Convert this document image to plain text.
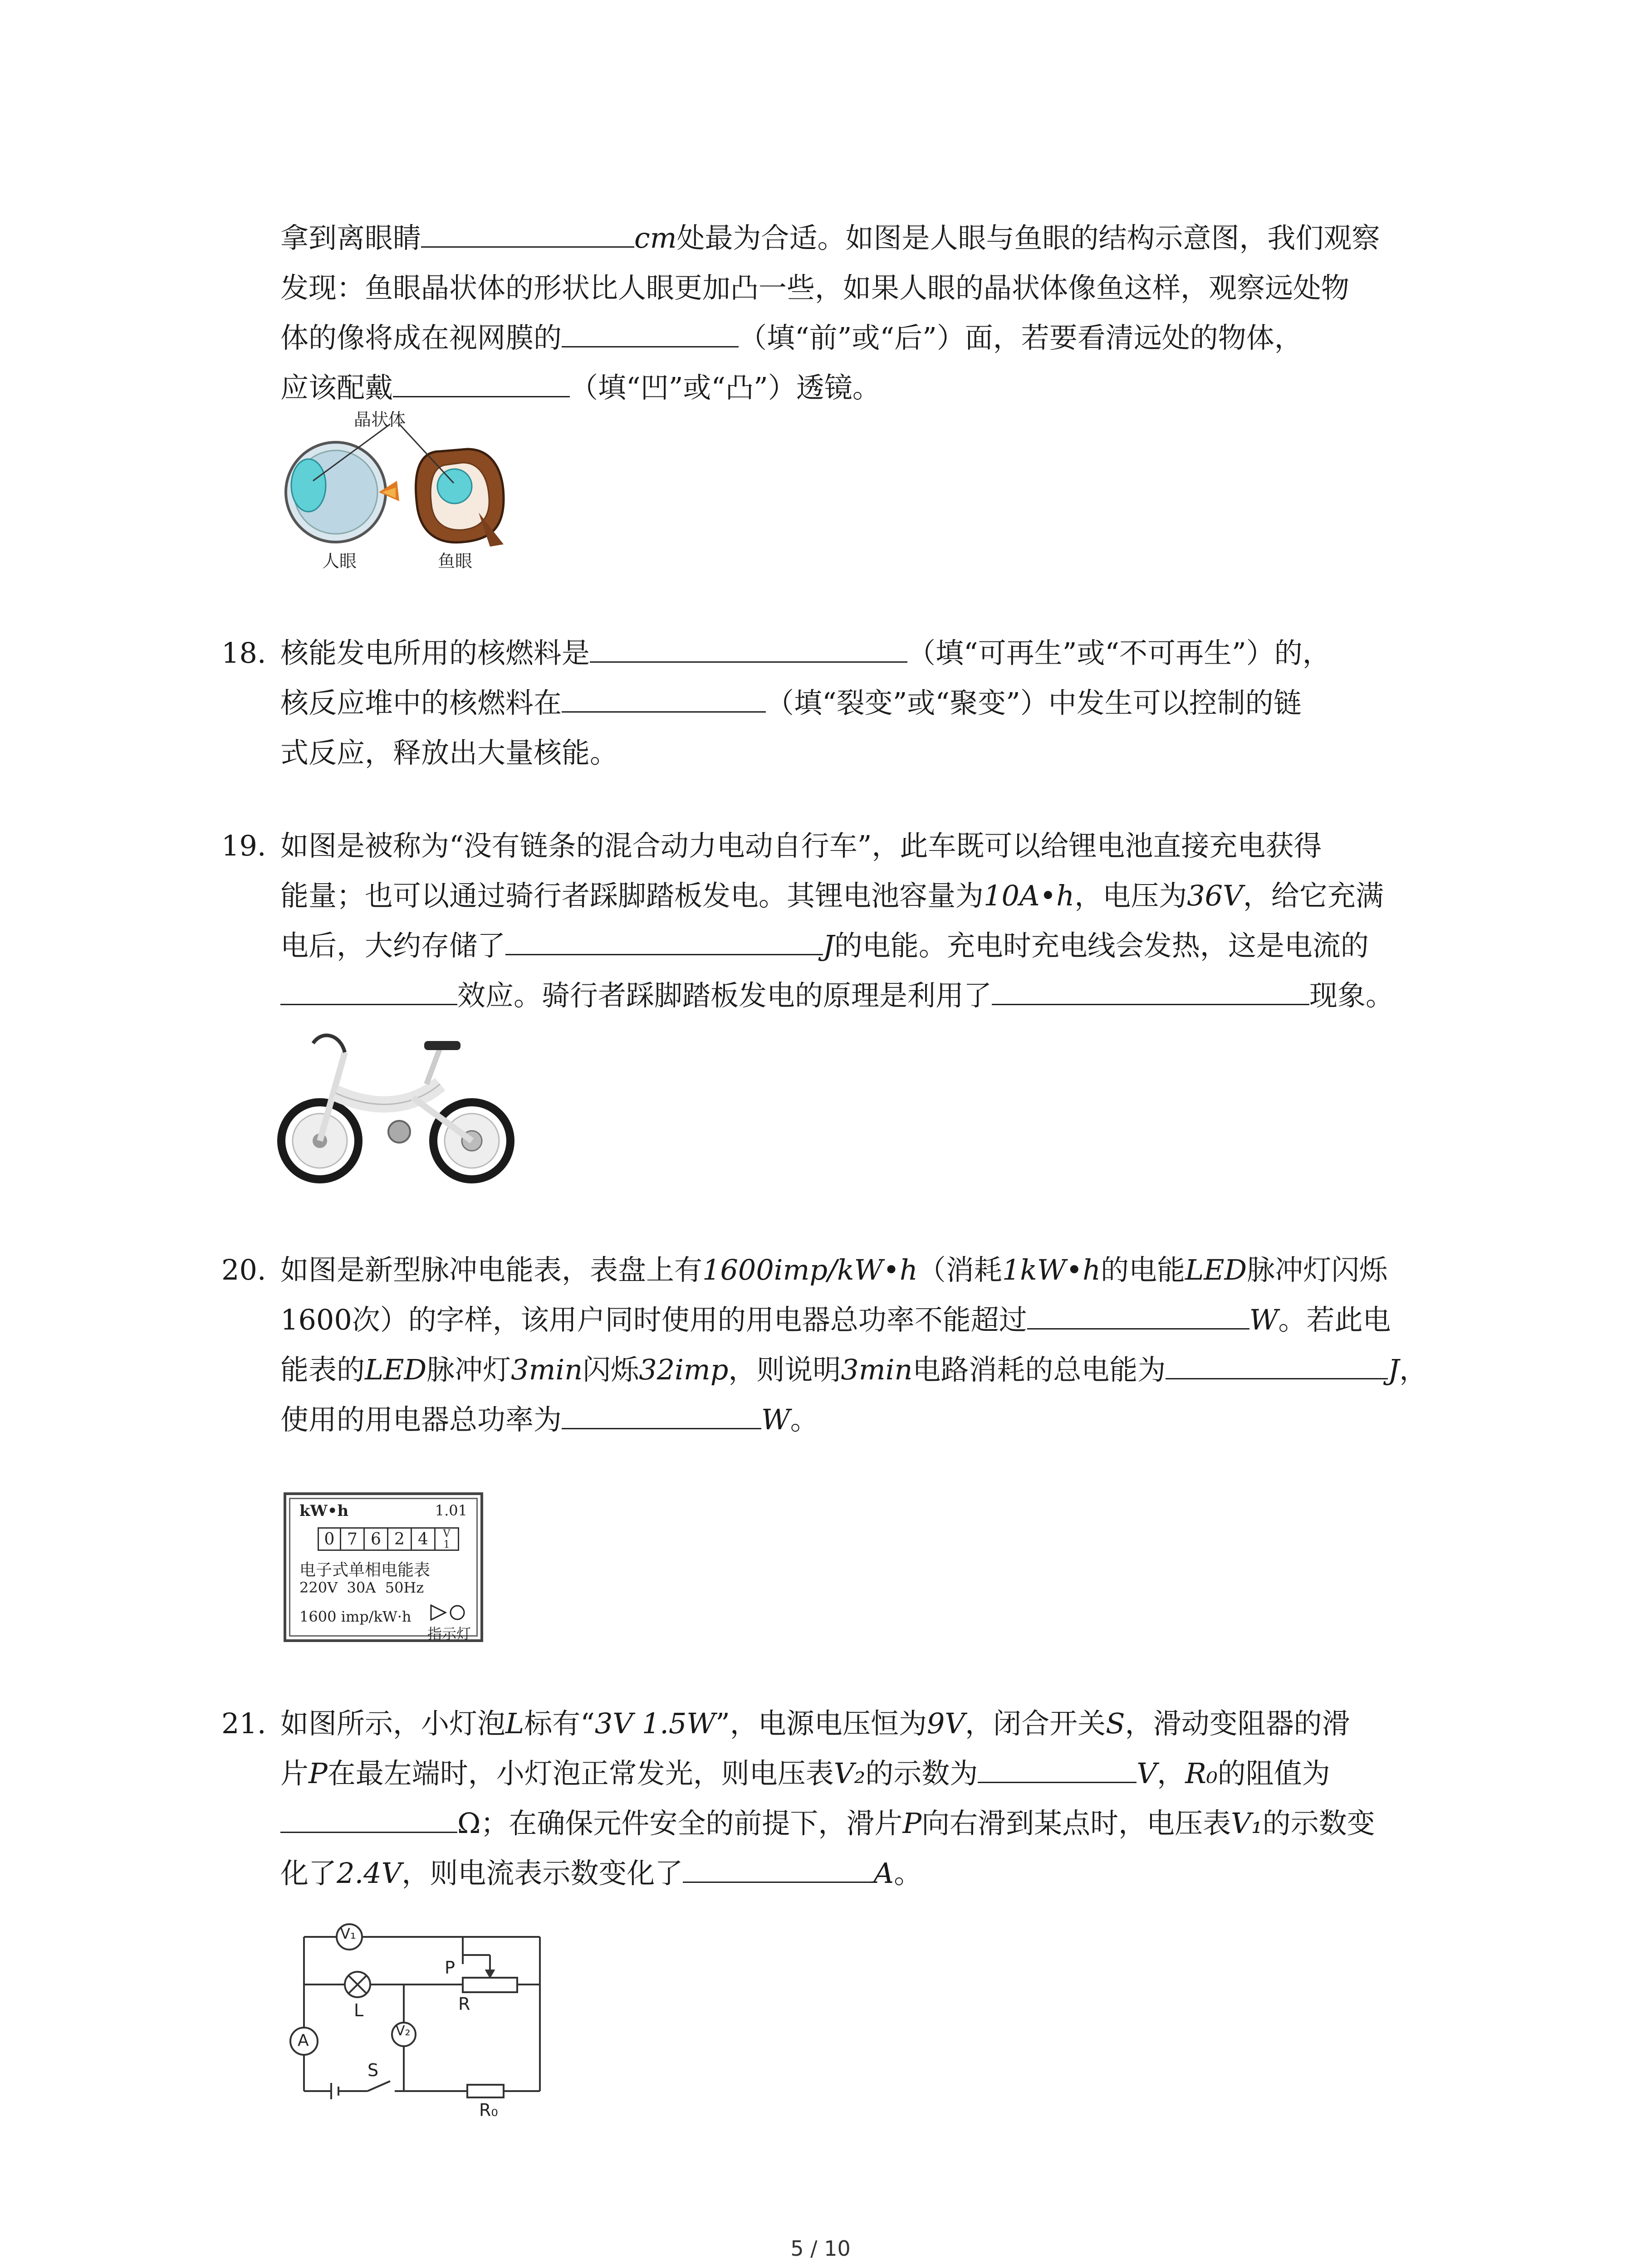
拿到离眼睛	cm处最为合适。如图是人眼与鱼眼的结构示意图，我们观察
发现：鱼眼晶状体的形状比人眼更加凸一些，如果人眼的晶状体像鱼这样，观察远处物
体的像将成在视网膜的	（填“前”或“后”）面，若要看清远处的物体，
应该配戴	（填“凹”或“凸”）透镜。
晶状体
人眼	鱼眼
18. 核能发电所用的核燃料是	（填“可再生”或“不可再生”）的，
核反应堆中的核燃料在	（填“裂变”或“聚变”）中发生可以控制的链
式反应，释放出大量核能。
19. 如图是被称为“没有链条的混合动力电动自行车”，此车既可以给锂电池直接充电获得
能量；也可以通过骑行者踩脚踏板发电。其锂电池容量为10A•h，电压为36V，给它充满
电后，大约存储了	J的电能。充电时充电线会发热，这是电流的
效应。骑行者踩脚踏板发电的原理是利用了	现象。
20. 如图是新型脉冲电能表，表盘上有1600imp/kW•h（消耗1kW•h的电能LED脉冲灯闪烁
1600次）的字样，该用户同时使用的用电器总功率不能超过	W。若此电
能表的LED脉冲灯3min闪烁32imp，则说明3min电路消耗的总电能为	J，
使用的用电器总功率为	W。
kW•h	1.01
0 7 6 2 4	V
1
电子式单相电能表
220V  30A  50Hz
1600 imp/kW·h
指示灯
21. 如图所示，小灯泡L标有“3V 1.5W”，电源电压恒为9V，闭合开关S，滑动变阻器的滑
片P在最左端时，小灯泡正常发光，则电压表V₂的示数为	V，R₀的阻值为
Ω；在确保元件安全的前提下，滑片P向右滑到某点时，电压表V₁的示数变
化了2.4V，则电流表示数变化了	A。
V₁
V₂
A
P
R
L
S
R₀
5 / 10
